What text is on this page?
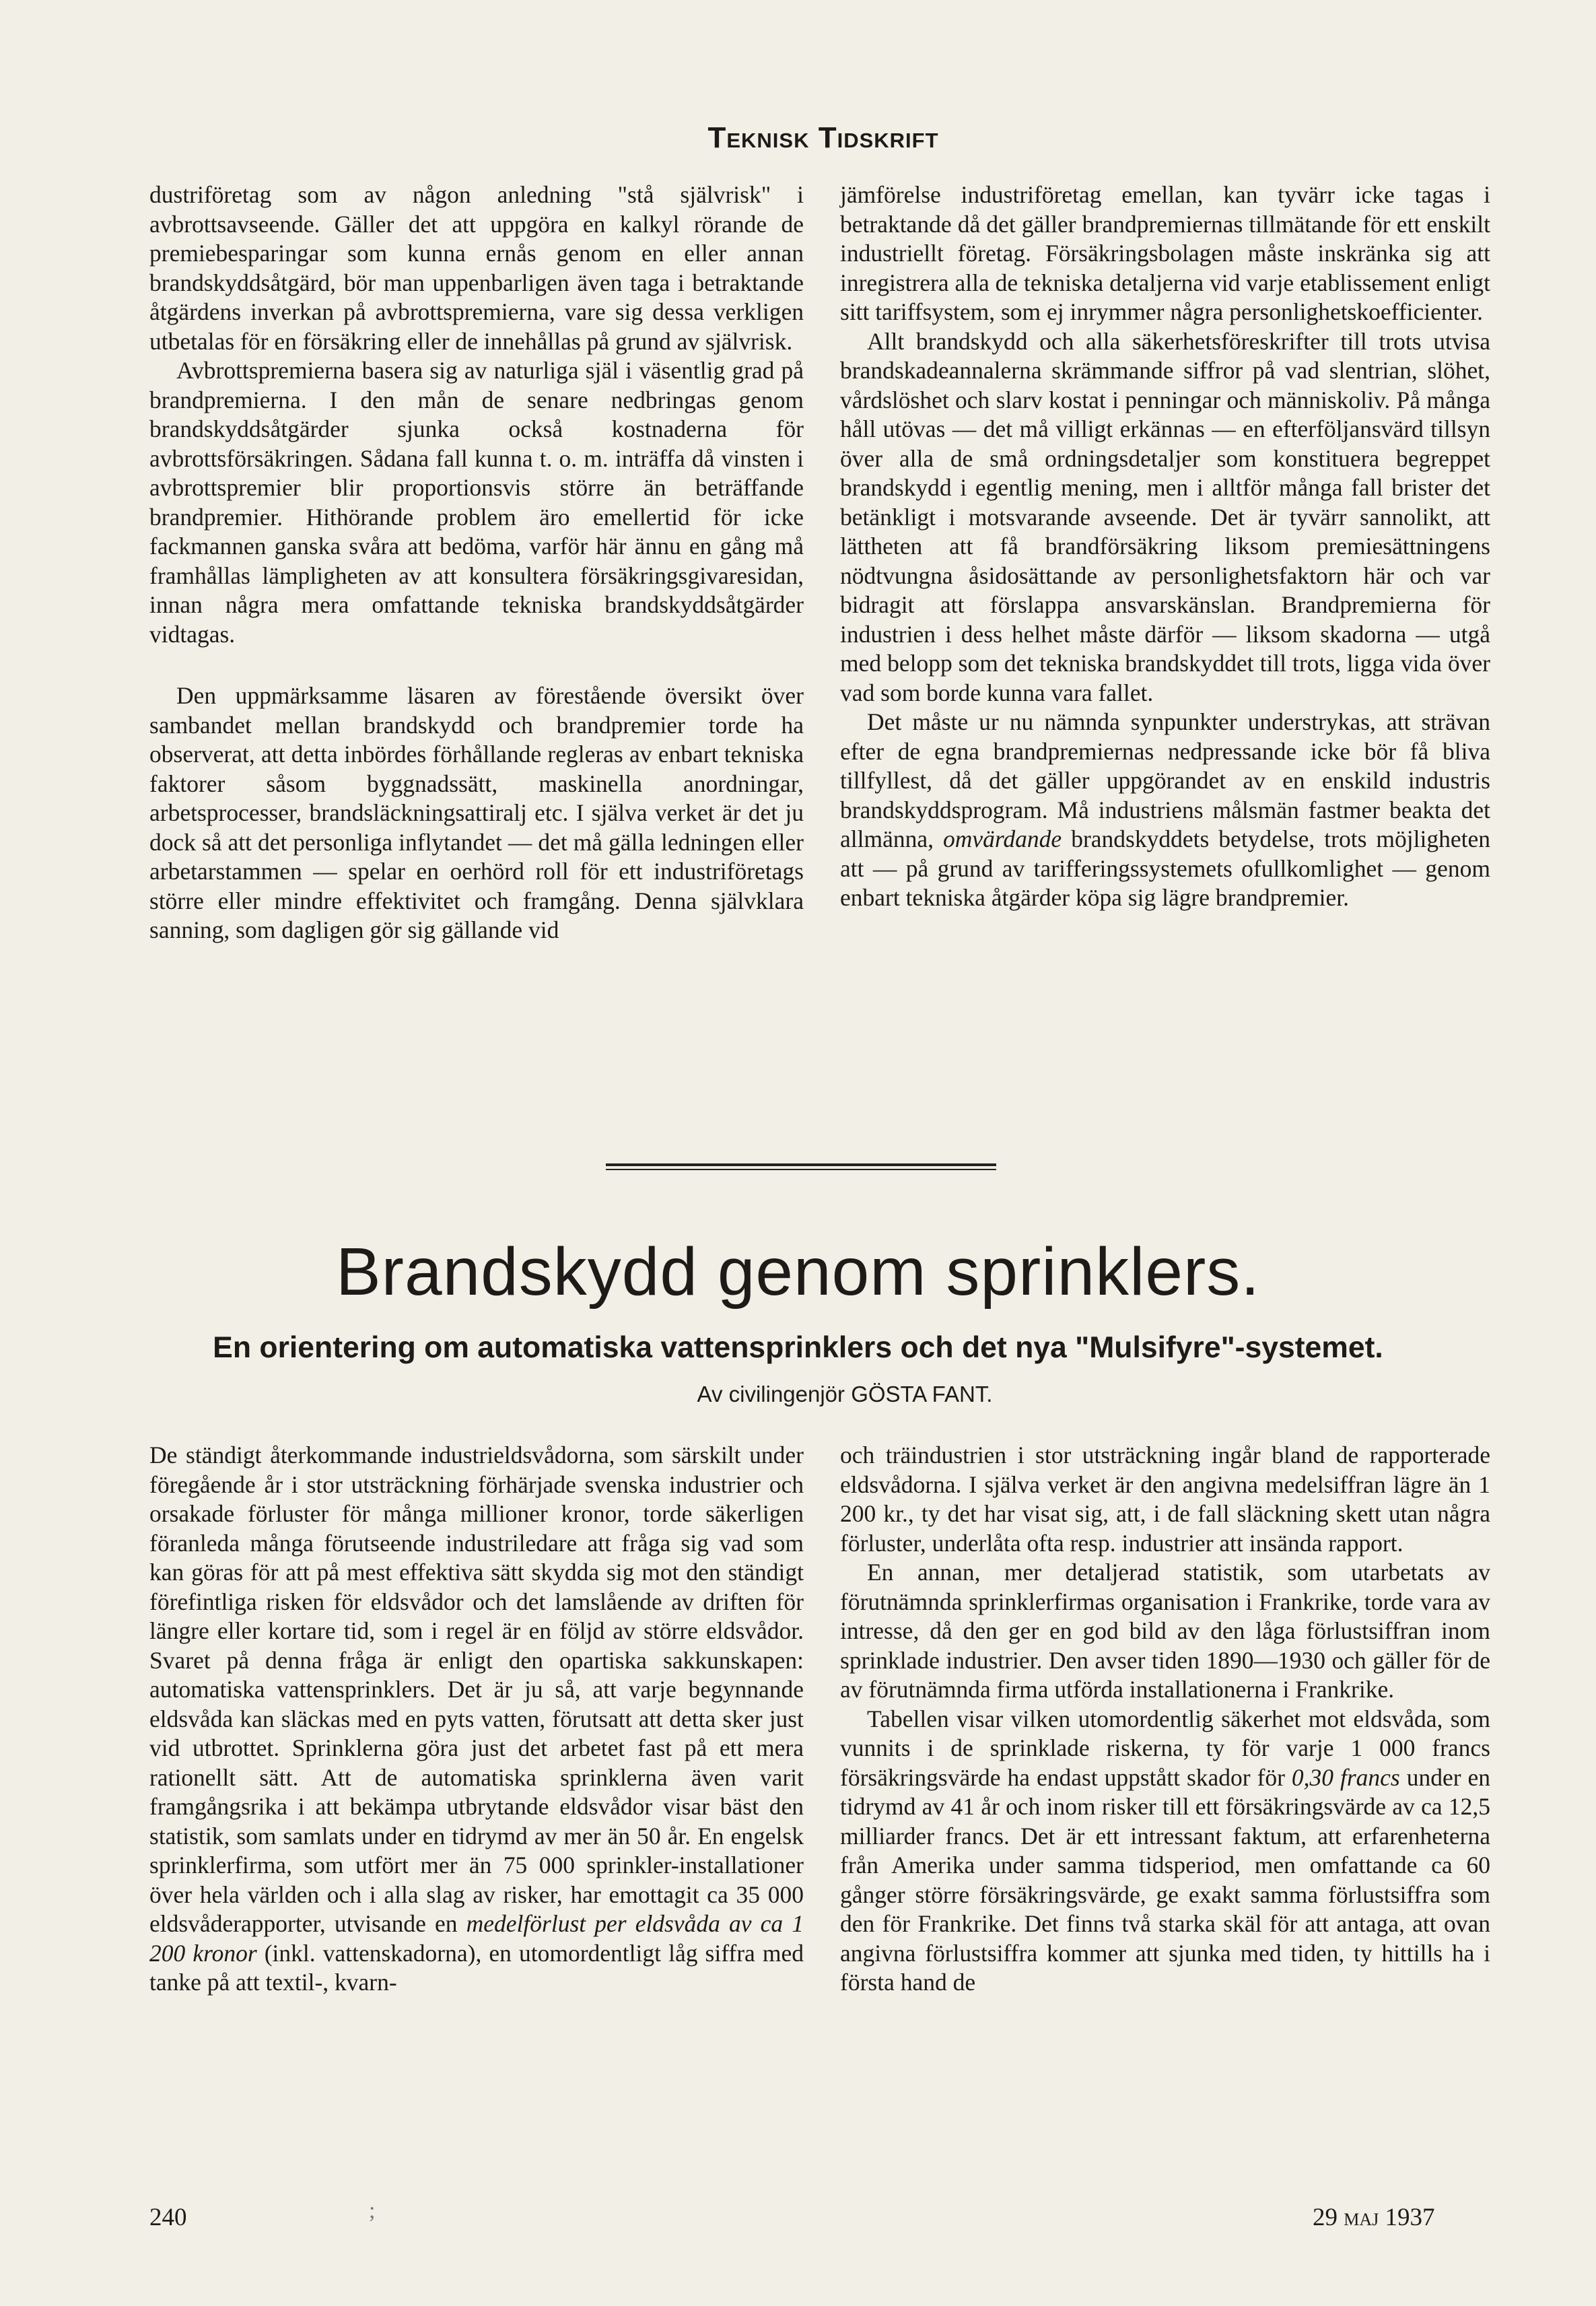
Teknisk Tidskrift

dustriföretag som av någon anledning "stå självrisk" i avbrottsavseende. Gäller det att uppgöra en kalkyl rörande de premiebesparingar som kunna ernås genom en eller annan brandskyddsåtgärd, bör man uppenbarligen även taga i betraktande åtgärdens inverkan på avbrottspremierna, vare sig dessa verkligen utbetalas för en försäkring eller de innehållas på grund av självrisk.

Avbrottspremierna basera sig av naturliga själ i väsentlig grad på brandpremierna. I den mån de senare nedbringas genom brandskyddsåtgärder sjunka också kostnaderna för avbrottsförsäkringen. Sådana fall kunna t. o. m. inträffa då vinsten i avbrottspremier blir proportionsvis större än beträffande brandpremier. Hithörande problem äro emellertid för icke fackmannen ganska svåra att bedöma, varför här ännu en gång må framhållas lämpligheten av att konsultera försäkringsgivaresidan, innan några mera omfattande tekniska brandskyddsåtgärder vidtagas.

Den uppmärksamme läsaren av förestående översikt över sambandet mellan brandskydd och brandpremier torde ha observerat, att detta inbördes förhållande regleras av enbart tekniska faktorer såsom byggnadssätt, maskinella anordningar, arbetsprocesser, brandsläckningsattiralj etc. I själva verket är det ju dock så att det personliga inflytandet — det må gälla ledningen eller arbetarstammen — spelar en oerhörd roll för ett industriföretags större eller mindre effektivitet och framgång. Denna självklara sanning, som dagligen gör sig gällande vid

jämförelse industriföretag emellan, kan tyvärr icke tagas i betraktande då det gäller brandpremiernas tillmätande för ett enskilt industriellt företag. Försäkringsbolagen måste inskränka sig att inregistrera alla de tekniska detaljerna vid varje etablissement enligt sitt tariffsystem, som ej inrymmer några personlighetskoefficienter.

Allt brandskydd och alla säkerhetsföreskrifter till trots utvisa brandskadeannalerna skrämmande siffror på vad slentrian, slöhet, vårdslöshet och slarv kostat i penningar och människoliv. På många håll utövas — det må villigt erkännas — en efterföljansvärd tillsyn över alla de små ordningsdetaljer som konstituera begreppet brandskydd i egentlig mening, men i alltför många fall brister det betänkligt i motsvarande avseende. Det är tyvärr sannolikt, att lättheten att få brandförsäkring liksom premiesättningens nödtvungna åsidosättande av personlighetsfaktorn här och var bidragit att förslappa ansvarskänslan. Brandpremierna för industrien i dess helhet måste därför — liksom skadorna — utgå med belopp som det tekniska brandskyddet till trots, ligga vida över vad som borde kunna vara fallet.

Det måste ur nu nämnda synpunkter understrykas, att strävan efter de egna brandpremiernas nedpressande icke bör få bliva tillfyllest, då det gäller uppgörandet av en enskild industris brandskyddsprogram. Må industriens målsmän fastmer beakta det allmänna, omvärdande brandskyddets betydelse, trots möjligheten att — på grund av tarifferingssystemets ofullkomlighet — genom enbart tekniska åtgärder köpa sig lägre brandpremier.

Brandskydd genom sprinklers.
En orientering om automatiska vattensprinklers och det nya "Mulsifyre"-systemet.
Av civilingenjör GÖSTA FANT.

De ständigt återkommande industrieldsvådorna, som särskilt under föregående år i stor utsträckning förhärjade svenska industrier och orsakade förluster för många millioner kronor, torde säkerligen föranleda många förutseende industriledare att fråga sig vad som kan göras för att på mest effektiva sätt skydda sig mot den ständigt förefintliga risken för eldsvådor och det lamslående av driften för längre eller kortare tid, som i regel är en följd av större eldsvådor. Svaret på denna fråga är enligt den opartiska sakkunskapen: automatiska vattensprinklers. Det är ju så, att varje begynnande eldsvåda kan släckas med en pyts vatten, förutsatt att detta sker just vid utbrottet. Sprinklerna göra just det arbetet fast på ett mera rationellt sätt. Att de automatiska sprinklerna även varit framgångsrika i att bekämpa utbrytande eldsvådor visar bäst den statistik, som samlats under en tidrymd av mer än 50 år. En engelsk sprinklerfirma, som utfört mer än 75 000 sprinkler-installationer över hela världen och i alla slag av risker, har emottagit ca 35 000 eldsvåderapporter, utvisande en medelförlust per eldsvåda av ca 1 200 kronor (inkl. vattenskadorna), en utomordentligt låg siffra med tanke på att textil-, kvarn-

och träindustrien i stor utsträckning ingår bland de rapporterade eldsvådorna. I själva verket är den angivna medelsiffran lägre än 1 200 kr., ty det har visat sig, att, i de fall släckning skett utan några förluster, underlåta ofta resp. industrier att insända rapport.

En annan, mer detaljerad statistik, som utarbetats av förutnämnda sprinklerfirmas organisation i Frankrike, torde vara av intresse, då den ger en god bild av den låga förlustsiffran inom sprinklade industrier. Den avser tiden 1890—1930 och gäller för de av förutnämnda firma utförda installationerna i Frankrike.

Tabellen visar vilken utomordentlig säkerhet mot eldsvåda, som vunnits i de sprinklade riskerna, ty för varje 1 000 francs försäkringsvärde ha endast uppstått skador för 0,30 francs under en tidrymd av 41 år och inom risker till ett försäkringsvärde av ca 12,5 milliarder francs. Det är ett intressant faktum, att erfarenheterna från Amerika under samma tidsperiod, men omfattande ca 60 gånger större försäkringsvärde, ge exakt samma förlustsiffra som den för Frankrike. Det finns två starka skäl för att antaga, att ovan angivna förlustsiffra kommer att sjunka med tiden, ty hittills ha i första hand de

240	;	29 maj 1937
